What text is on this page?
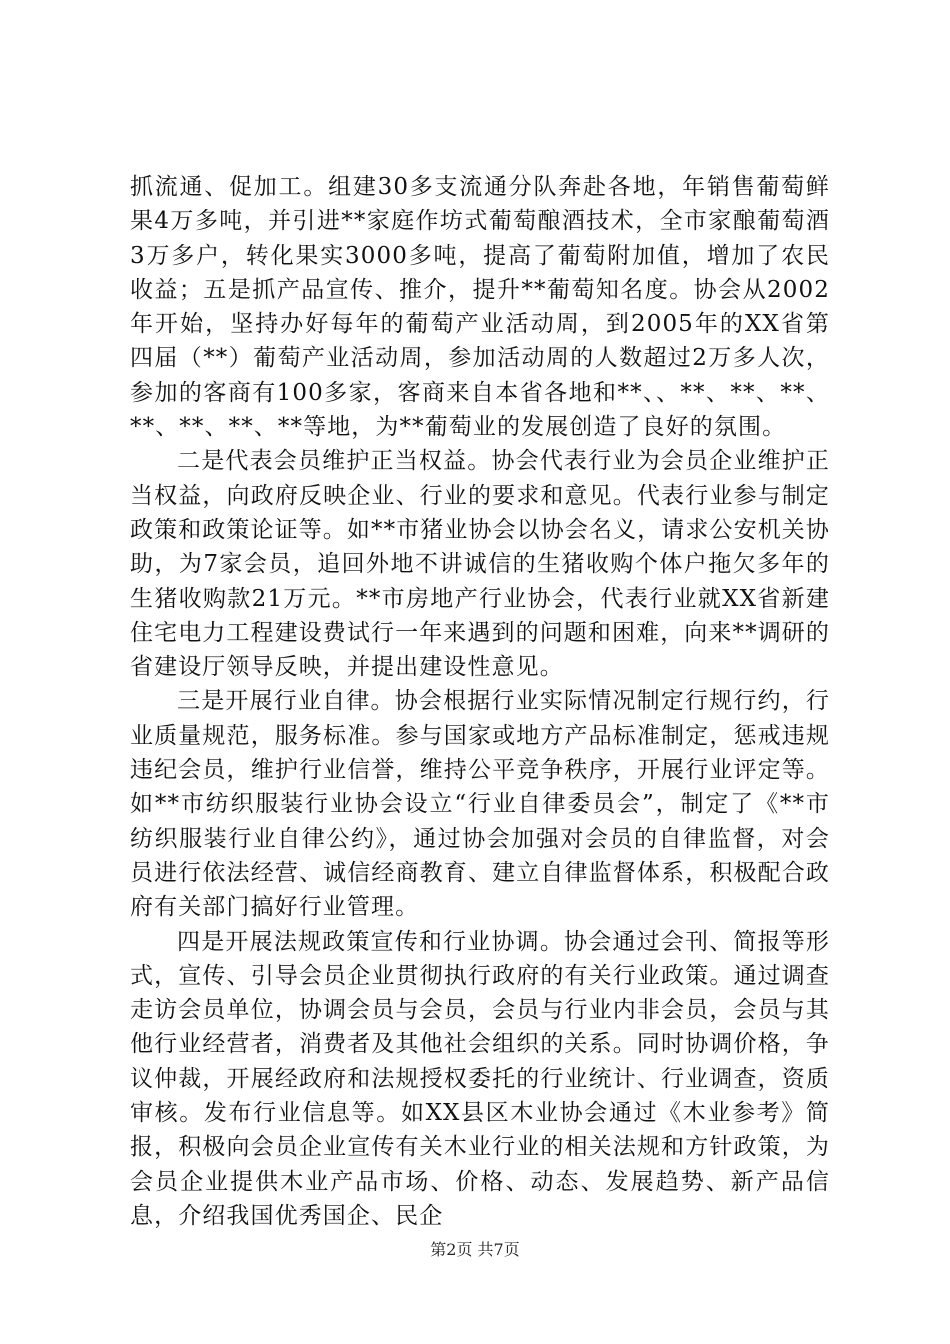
抓流通、促加工。组建30多支流通分队奔赴各地，年销售葡萄鲜果4万多吨，并引进**家庭作坊式葡萄酿酒技术，全市家酿葡萄酒3万多户，转化果实3000多吨，提高了葡萄附加值，增加了农民收益；五是抓产品宣传、推介，提升**葡萄知名度。协会从2002年开始，坚持办好每年的葡萄产业活动周，到2005年的XX省第四届（**）葡萄产业活动周，参加活动周的人数超过2万多人次，参加的客商有100多家，客商来自本省各地和**、、**、**、**、**、**、**、**等地，为**葡萄业的发展创造了良好的氛围。

二是代表会员维护正当权益。协会代表行业为会员企业维护正当权益，向政府反映企业、行业的要求和意见。代表行业参与制定政策和政策论证等。如**市猪业协会以协会名义，请求公安机关协助，为7家会员，追回外地不讲诚信的生猪收购个体户拖欠多年的生猪收购款21万元。**市房地产行业协会，代表行业就XX省新建住宅电力工程建设费试行一年来遇到的问题和困难，向来**调研的省建设厅领导反映，并提出建设性意见。

三是开展行业自律。协会根据行业实际情况制定行规行约，行业质量规范，服务标准。参与国家或地方产品标准制定，惩戒违规违纪会员，维护行业信誉，维持公平竞争秩序，开展行业评定等。如**市纺织服装行业协会设立“行业自律委员会”，制定了《**市纺织服装行业自律公约》，通过协会加强对会员的自律监督，对会员进行依法经营、诚信经商教育、建立自律监督体系，积极配合政府有关部门搞好行业管理。

四是开展法规政策宣传和行业协调。协会通过会刊、简报等形式，宣传、引导会员企业贯彻执行政府的有关行业政策。通过调查走访会员单位，协调会员与会员，会员与行业内非会员，会员与其他行业经营者，消费者及其他社会组织的关系。同时协调价格，争议仲裁，开展经政府和法规授权委托的行业统计、行业调查，资质审核。发布行业信息等。如XX县区木业协会通过《木业参考》简报，积极向会员企业宣传有关木业行业的相关法规和方针政策，为会员企业提供木业产品市场、价格、动态、发展趋势、新产品信息，介绍我国优秀国企、民企

第2页 共7页
